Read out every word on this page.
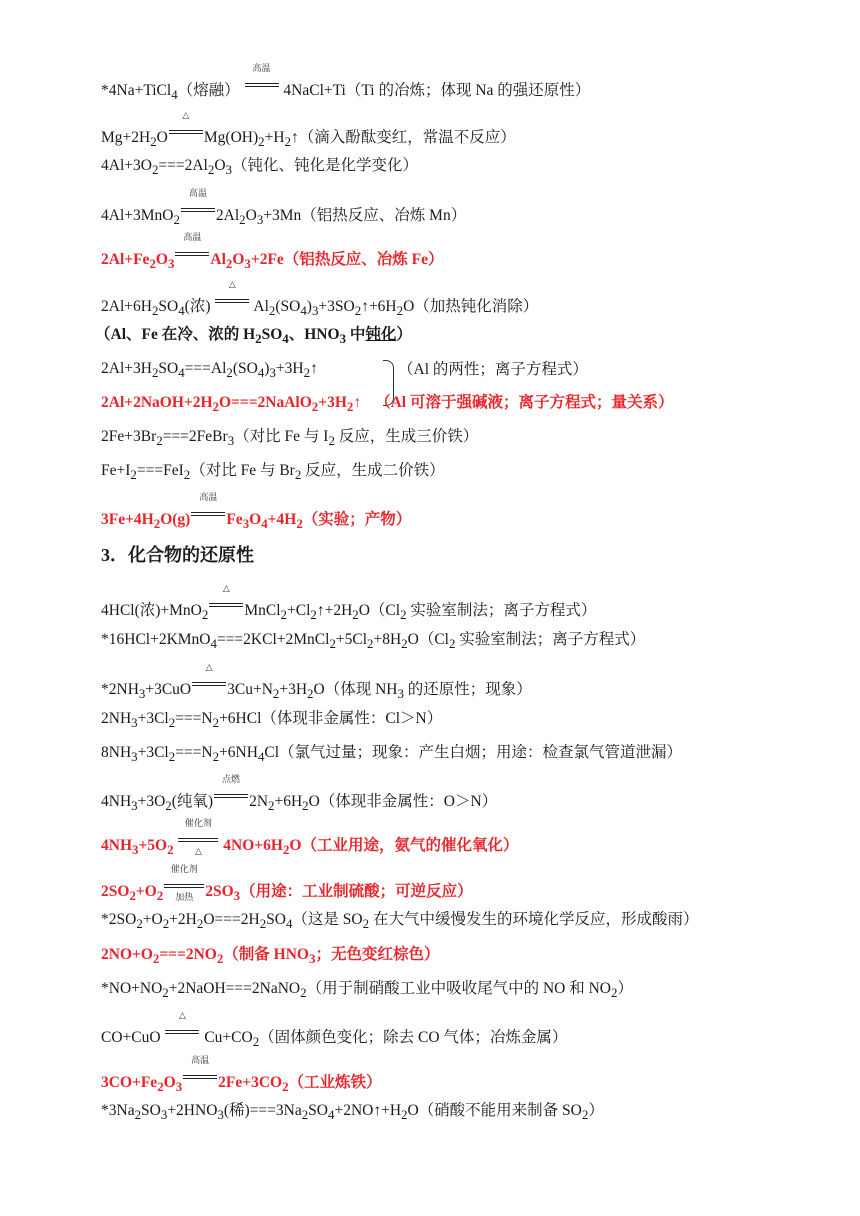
*4Na+TiCl$_4$（熔融）
高温
4NaCl+Ti（Ti 的冶炼；体现 Na 的强还原性）
$Mg+2H_2O$
△
$Mg(OH)_2+H_2↑$（滴入酚酞变红，常温不反应）
$4Al+3O_2===2Al_2O_3$（钝化、钝化是化学变化）
4Al+3MnO$_2$
高温
$2Al_2O_3+3Mn$（铝热反应、冶炼 Mn）
$2Al+Fe_2O_3$
高温
$Al_2O_3+2Fe$（铝热反应、冶炼 Fe）
$2Al+6H_2SO_4$(浓)
△
$Al_2(SO_4)_3+3SO_2↑+6H_2O$（加热钝化消除）
（Al、Fe 在冷、浓的 $H_2SO_4$、$HNO_3$ 中钝化）
$2Al+3H_2SO_4===Al_2(SO_4)_3+3H_2↑$	（Al 的两性；离子方程式）
$2Al+2NaOH+2H_2O===2NaAlO_2+3H_2↑$ （Al 可溶于强碱液；离子方程式；量关系）
$2Fe+3Br_2===2FeBr_3$（对比 Fe 与 $I_2$ 反应，生成三价铁）
$Fe+I_2===FeI_2$（对比 Fe 与 $Br_2$ 反应，生成二价铁）
$3Fe+4H_2O(g)$
高温
$Fe_3O_4+4H_2$（实验；产物）
3．化合物的还原性
4HCl(浓)+MnO$_2$
△
$MnCl_2+Cl_2↑+2H_2O(Cl_2$ 实验室制法；离子方程式）
$*16HCl+2KMnO_4===2KCl+2MnCl_2+5Cl_2+8H_2O(Cl_2$ 实验室制法；离子方程式）
$*2NH_3+3CuO$
△
$3Cu+N_2+3H_2O$（体现 $NH_3$ 的还原性；现象）
$2NH_3+3Cl_2===N_2+6HCl$（体现非金属性：Cl＞N）
$8NH_3+3Cl_2===N_2+6NH_4Cl$（氯气过量；现象：产生白烟；用途：检查氯气管道泄漏）
$4NH_3+3O_2$(纯氧)
点燃
$2N_2+6H_2O$（体现非金属性：O＞N）
$4NH_3+5O_2$
催化剂
△	$4NO+6H_2O$（工业用途，氨气的催化氧化）
$2SO_2+O_2$
催化剂
加热 $2SO_3$（用途：工业制硫酸；可逆反应）
$*2SO_2+O_2+2H_2O===2H_2SO_4$（这是 $SO_2$ 在大气中缓慢发生的环境化学反应，形成酸雨）
$2NO+O_2===2NO_2$（制备 $HNO_3$；无色变红棕色）
$*NO+NO_2+2NaOH===2NaNO_2$（用于制硝酸工业中吸收尾气中的 NO 和 $NO_2$）
CO+CuO
△
$Cu+CO_2$（固体颜色变化；除去 CO 气体；冶炼金属）
$3CO+Fe_2O_3$
高温
$2Fe+3CO_2$（工业炼铁）
$*3Na_2SO_3+2HNO_3$(稀)$===3Na_2SO_4+2NO↑+H_2O$（硝酸不能用来制备 $SO_2$）
